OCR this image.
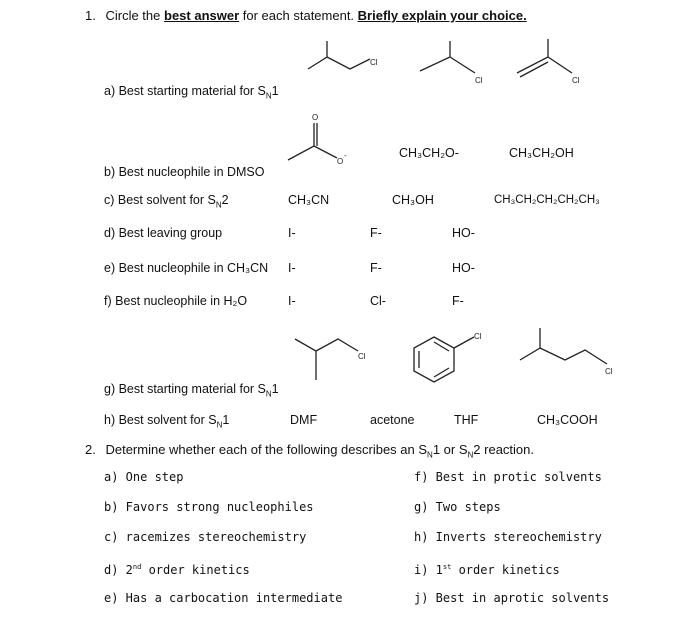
1. Circle the best answer for each statement. Briefly explain your choice.
a) Best starting material for $S_N1$
Cl
Cl	Cl
O
O
-	CH₃CH₂O-	CH₃CH₂OH
b) Best nucleophile in DMSO
c) Best solvent for $S_N2$	CH₃CN	CH₃OH	CH₃CH₂CH₂CH₂CH₃
d) Best leaving group	I-	F-	HO-
e) Best nucleophile in CH₃CN I-	F-	HO-
f) Best nucleophile in H₂O	I-	Cl-	F-
Cl
Cl
Cl
g) Best starting material for $S_N1$
h) Best solvent for $S_N1$	DMF	acetone	THF	CH₃COOH
2. Determine whether each of the following describes an $S_N1$ or $S_N2$ reaction.
a) One step
b) Favors strong nucleophiles
c) racemizes stereochemistry
d) 2nd order kinetics
e) Has a carbocation intermediate
f) Best in protic solvents
g) Two steps
h) Inverts stereochemistry
i) 1st order kinetics
j) Best in aprotic solvents
